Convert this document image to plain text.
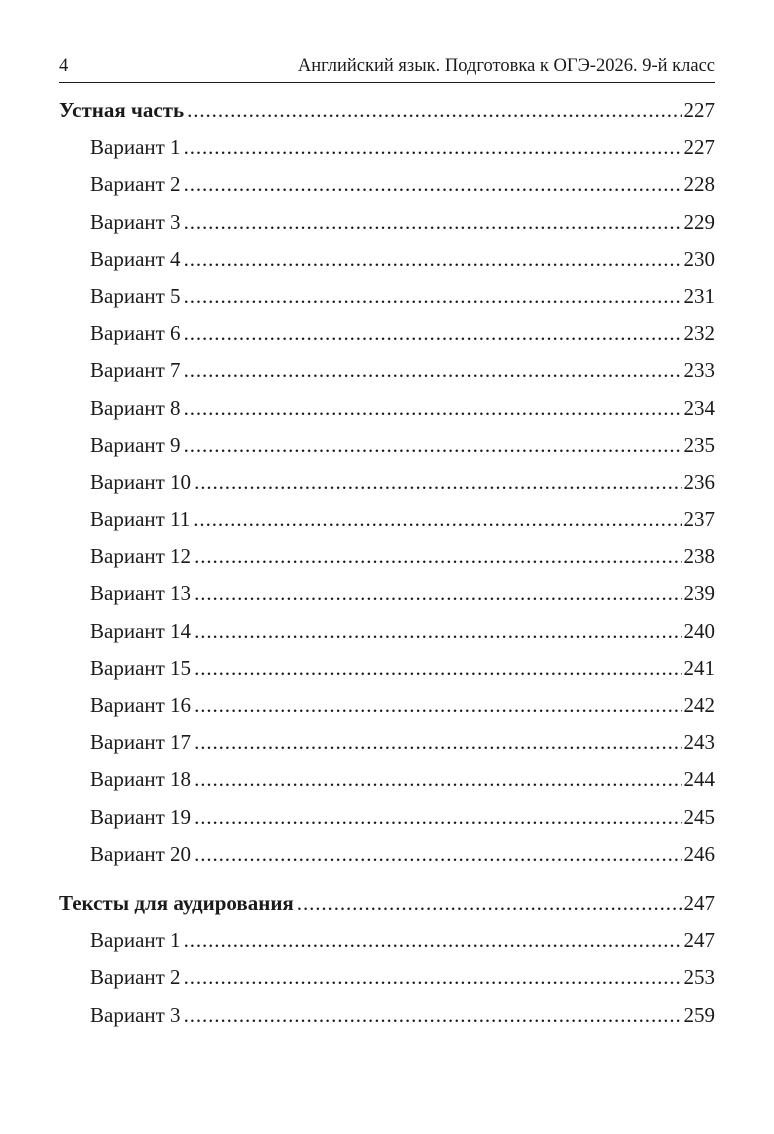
4	Английский язык. Подготовка к ОГЭ-2026. 9-й класс
Устная часть .....	227
Вариант 1 .....	227
Вариант 2 .....	228
Вариант 3 .....	229
Вариант 4 .....	230
Вариант 5 .....	231
Вариант 6 .....	232
Вариант 7 .....	233
Вариант 8 .....	234
Вариант 9 .....	235
Вариант 10 .....	236
Вариант 11 .....	237
Вариант 12 .....	238
Вариант 13 .....	239
Вариант 14 .....	240
Вариант 15 .....	241
Вариант 16 .....	242
Вариант 17 .....	243
Вариант 18 .....	244
Вариант 19 .....	245
Вариант 20 .....	246
Тексты для аудирования .....	247
Вариант 1 .....	247
Вариант 2 .....	253
Вариант 3 .....	259
